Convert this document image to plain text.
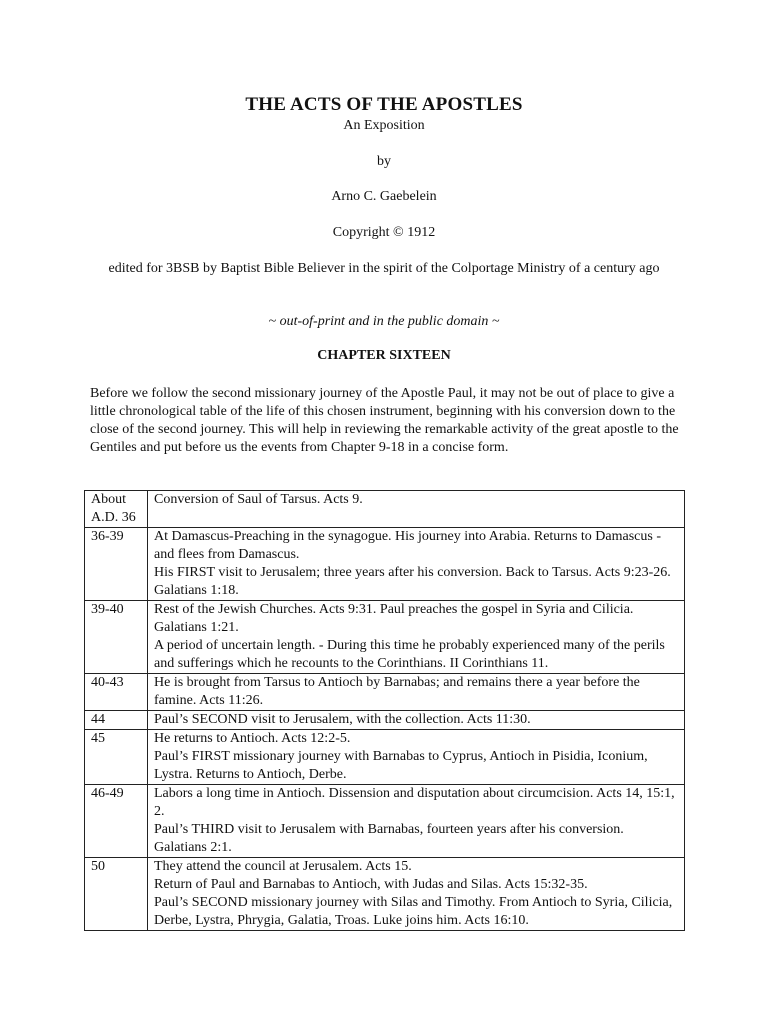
THE ACTS OF THE APOSTLES
An Exposition
by
Arno C. Gaebelein
Copyright © 1912
edited for 3BSB by Baptist Bible Believer in the spirit of the Colportage Ministry of a century ago
~ out-of-print and in the public domain ~
CHAPTER SIXTEEN

Before we follow the second missionary journey of the Apostle Paul, it may not be out of place to give a little chronological table of the life of this chosen instrument, beginning with his conversion down to the close of the second journey. This will help in reviewing the remarkable activity of the great apostle to the Gentiles and put before us the events from Chapter 9-18 in a concise form.

About A.D. 36	Conversion of Saul of Tarsus. Acts 9.

36-39	At Damascus-Preaching in the synagogue. His journey into Arabia. Returns to Damascus - and flees from Damascus.
His FIRST visit to Jerusalem; three years after his conversion. Back to Tarsus. Acts 9:23-26. Galatians 1:18.

39-40	Rest of the Jewish Churches. Acts 9:31. Paul preaches the gospel in Syria and Cilicia. Galatians 1:21.
A period of uncertain length. - During this time he probably experienced many of the perils and sufferings which he recounts to the Corinthians. II Corinthians 11.

40-43	He is brought from Tarsus to Antioch by Barnabas; and remains there a year before the famine. Acts 11:26.

44	Paul’s SECOND visit to Jerusalem, with the collection. Acts 11:30.

45	He returns to Antioch. Acts 12:2-5.
Paul’s FIRST missionary journey with Barnabas to Cyprus, Antioch in Pisidia, Iconium, Lystra. Returns to Antioch, Derbe.

46-49	Labors a long time in Antioch. Dissension and disputation about circumcision. Acts 14, 15:1, 2.
Paul’s THIRD visit to Jerusalem with Barnabas, fourteen years after his conversion. Galatians 2:1.

50	They attend the council at Jerusalem. Acts 15.
Return of Paul and Barnabas to Antioch, with Judas and Silas. Acts 15:32-35.
Paul’s SECOND missionary journey with Silas and Timothy. From Antioch to Syria, Cilicia, Derbe, Lystra, Phrygia, Galatia, Troas. Luke joins him. Acts 16:10.
